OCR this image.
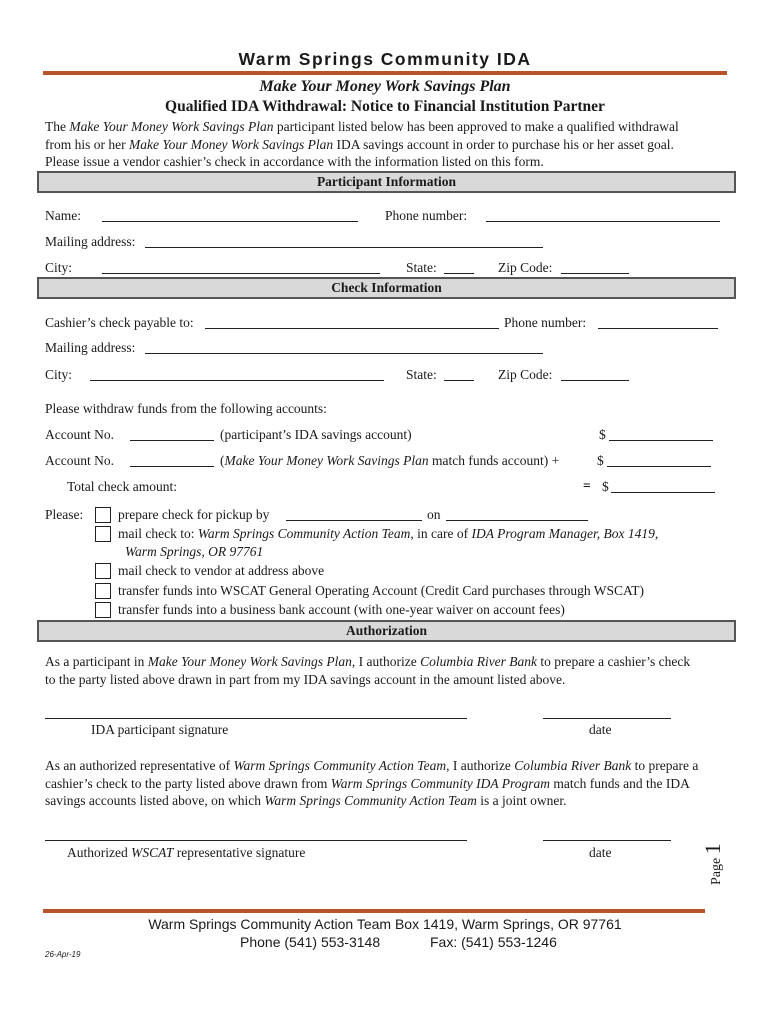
Warm Springs Community IDA
Make Your Money Work Savings Plan
Qualified IDA Withdrawal: Notice to Financial Institution Partner
The Make Your Money Work Savings Plan participant listed below has been approved to make a qualified withdrawal
from his or her Make Your Money Work Savings Plan IDA savings account in order to purchase his or her asset goal.
Please issue a vendor cashier’s check in accordance with the information listed on this form.
Participant Information
Name:	Phone number:
Mailing address:
City:	State:	Zip Code:
Check Information
Cashier’s check payable to:	Phone number:
Mailing address:
City:	State:	Zip Code:
Please withdraw funds from the following accounts:
Account No.	(participant’s IDA savings account)	$
Account No.	(Make Your Money Work Savings Plan match funds account) +	$
Total check amount:	= $
Please:	prepare check for pickup by	on
mail check to: Warm Springs Community Action Team, in care of IDA Program Manager, Box 1419,
Warm Springs, OR 97761
mail check to vendor at address above
transfer funds into WSCAT General Operating Account (Credit Card purchases through WSCAT)
transfer funds into a business bank account (with one-year waiver on account fees)
Authorization
As a participant in Make Your Money Work Savings Plan, I authorize Columbia River Bank to prepare a cashier’s check
to the party listed above drawn in part from my IDA savings account in the amount listed above.
IDA participant signature	date
As an authorized representative of Warm Springs Community Action Team, I authorize Columbia River Bank to prepare a
cashier’s check to the party listed above drawn from Warm Springs Community IDA Program match funds and the IDA
savings accounts listed above, on which Warm Springs Community Action Team is a joint owner.
Authorized WSCAT representative signature	date
Warm Springs Community Action Team Box 1419, Warm Springs, OR 97761
Phone (541) 553-3148	Fax: (541) 553-1246
Page 1
26-Apr-19
